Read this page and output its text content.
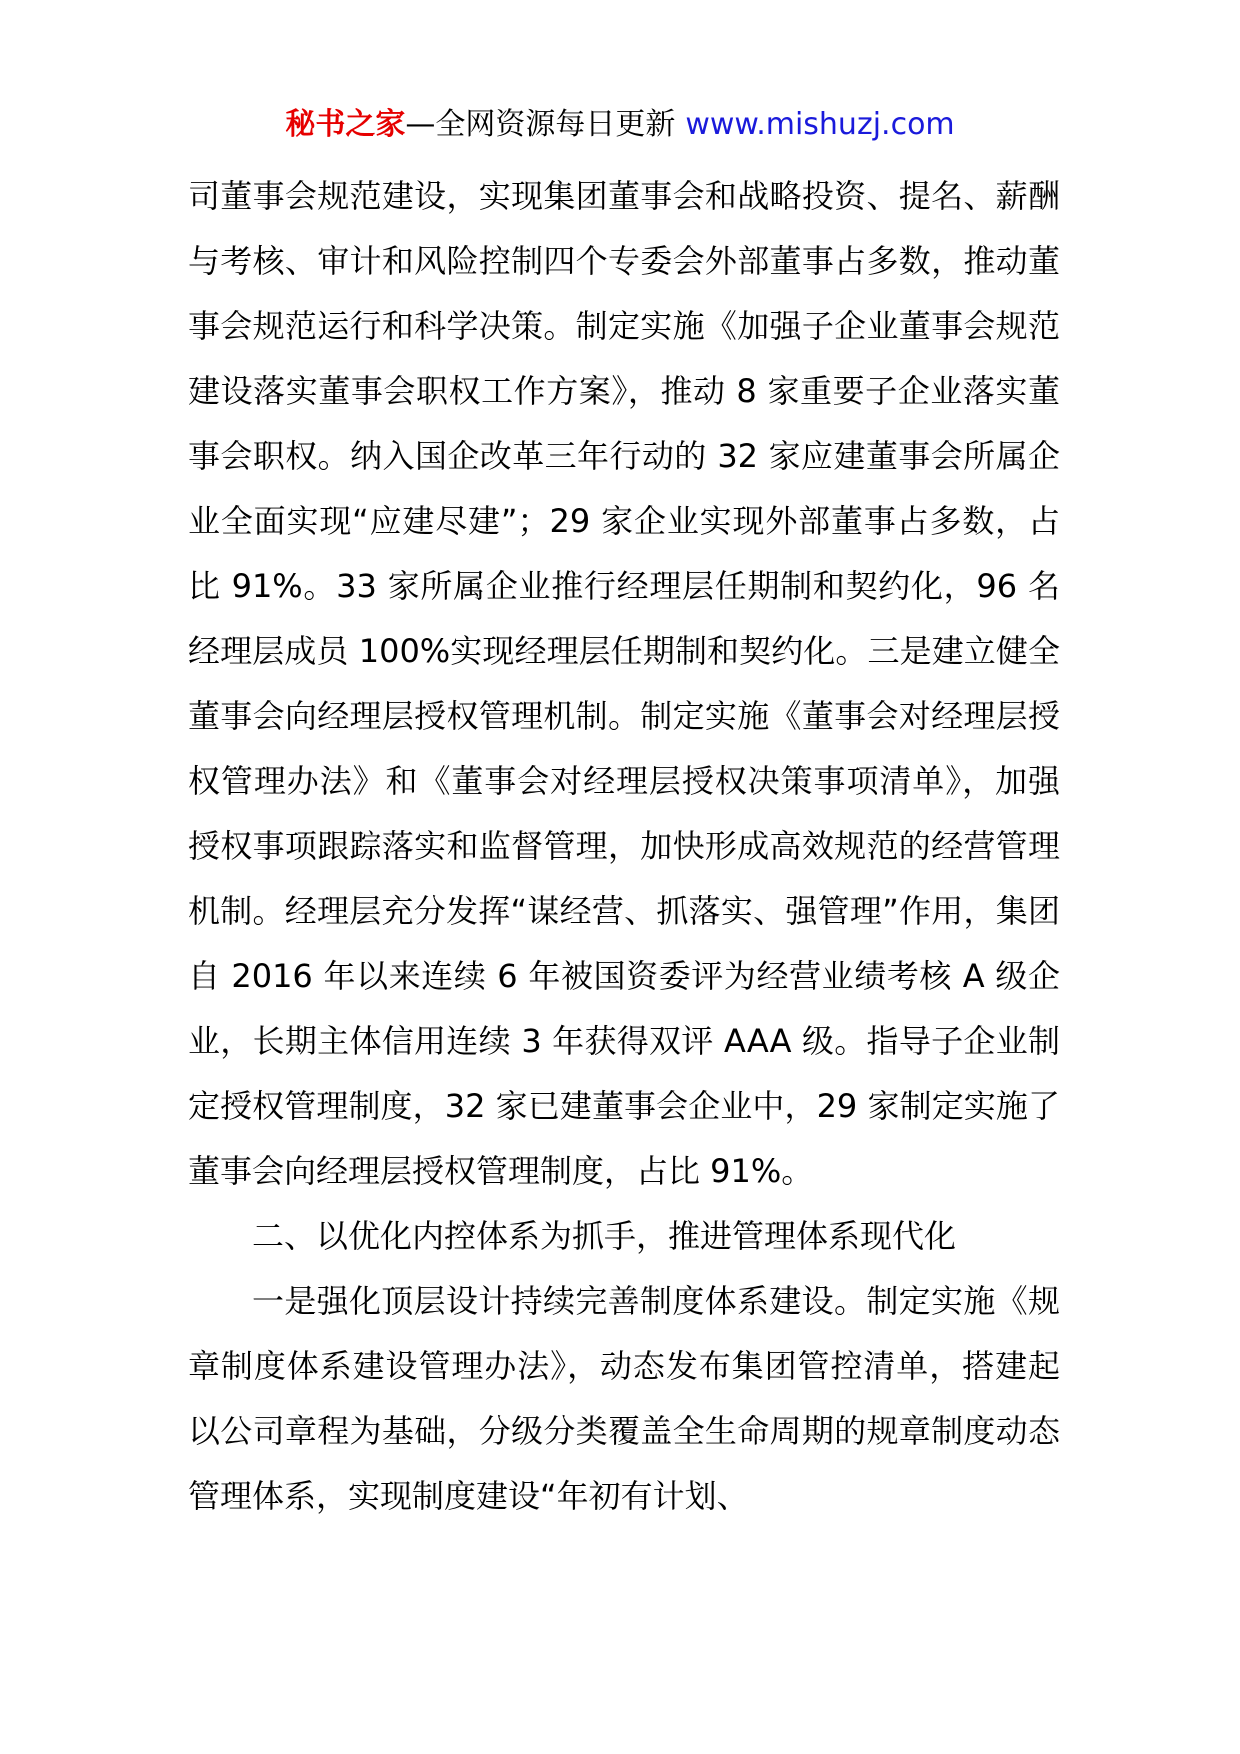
秘书之家—全网资源每日更新 www.mishuzj.com

司董事会规范建设，实现集团董事会和战略投资、提名、薪酬与考核、审计和风险控制四个专委会外部董事占多数，推动董事会规范运行和科学决策。制定实施《加强子企业董事会规范建设落实董事会职权工作方案》，推动 8 家重要子企业落实董事会职权。纳入国企改革三年行动的 32 家应建董事会所属企业全面实现“应建尽建”；29 家企业实现外部董事占多数，占比 91%。33 家所属企业推行经理层任期制和契约化，96 名经理层成员 100%实现经理层任期制和契约化。三是建立健全董事会向经理层授权管理机制。制定实施《董事会对经理层授权管理办法》和《董事会对经理层授权决策事项清单》，加强授权事项跟踪落实和监督管理，加快形成高效规范的经营管理机制。经理层充分发挥“谋经营、抓落实、强管理”作用，集团自 2016 年以来连续 6 年被国资委评为经营业绩考核 A 级企业，长期主体信用连续 3 年获得双评 AAA 级。指导子企业制定授权管理制度，32 家已建董事会企业中，29 家制定实施了董事会向经理层授权管理制度，占比 91%。

二、以优化内控体系为抓手，推进管理体系现代化

一是强化顶层设计持续完善制度体系建设。制定实施《规章制度体系建设管理办法》，动态发布集团管控清单，搭建起以公司章程为基础，分级分类覆盖全生命周期的规章制度动态管理体系，实现制度建设“年初有计划、
